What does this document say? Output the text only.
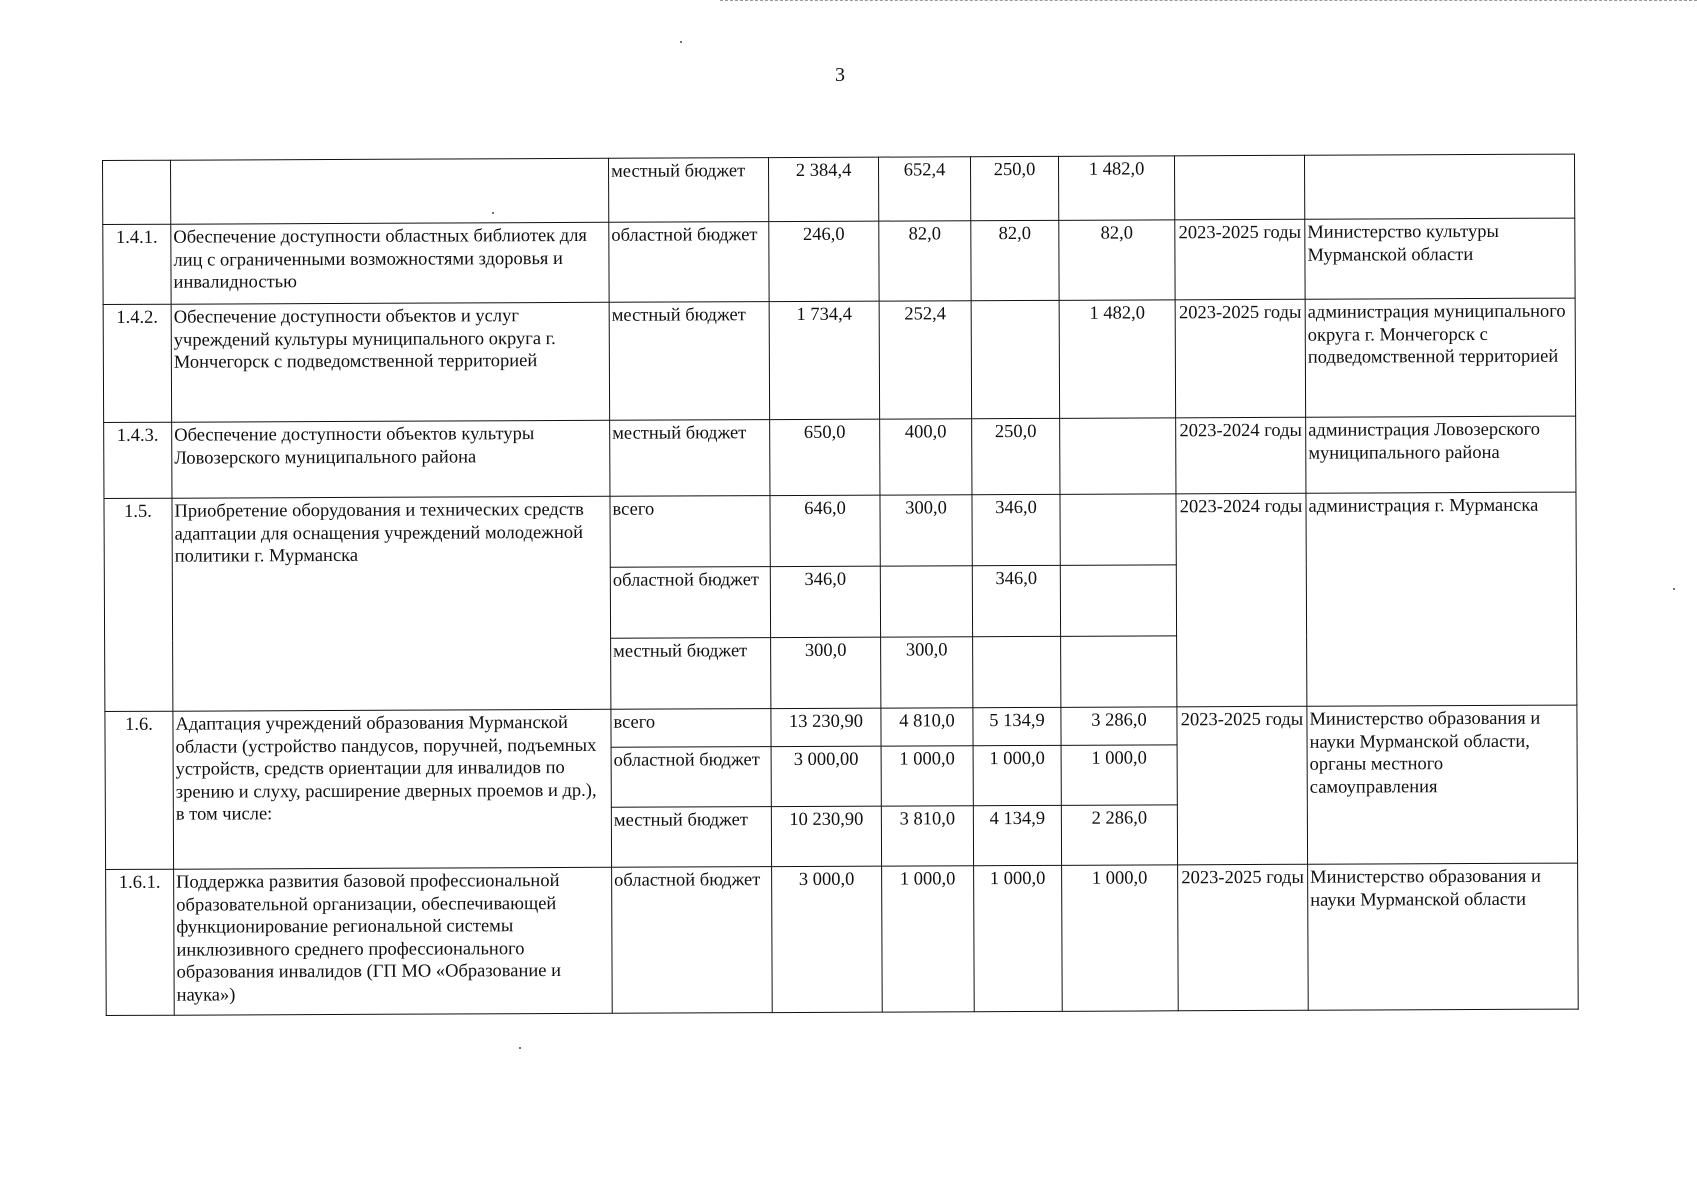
3
		местный бюджет	2 384,4	652,4	250,0	1 482,0		
1.4.1.	Обеспечение доступности областных библиотек для лиц с ограниченными возможностями здоровья и инвалидностью	областной бюджет	246,0	82,0	82,0	82,0	2023-2025 годы	Министерство культуры Мурманской области
1.4.2.	Обеспечение доступности объектов и услуг учреждений культуры муниципального округа г. Мончегорск с подведомственной территорией	местный бюджет	1 734,4	252,4		1 482,0	2023-2025 годы	администрация муниципального округа г. Мончегорск с подведомственной территорией
1.4.3.	Обеспечение доступности объектов культуры Ловозерского муниципального района	местный бюджет	650,0	400,0	250,0		2023-2024 годы	администрация Ловозерского муниципального района
1.5.	Приобретение оборудования и технических средств адаптации для оснащения учреждений молодежной политики г. Мурманска	всего	646,0	300,0	346,0		2023-2024 годы	администрация г. Мурманска
		областной бюджет	346,0		346,0			
		местный бюджет	300,0	300,0				
1.6.	Адаптация учреждений образования Мурманской области (устройство пандусов, поручней, подъемных устройств, средств ориентации для инвалидов по зрению и слуху, расширение дверных проемов и др.), в том числе:	всего	13 230,90	4 810,0	5 134,9	3 286,0	2023-2025 годы	Министерство образования и науки Мурманской области, органы местного самоуправления
		областной бюджет	3 000,00	1 000,0	1 000,0	1 000,0		
		местный бюджет	10 230,90	3 810,0	4 134,9	2 286,0		
1.6.1.	Поддержка развития базовой профессиональной образовательной организации, обеспечивающей функционирование региональной системы инклюзивного среднего профессионального образования инвалидов (ГП МО «Образование и наука»)	областной бюджет	3 000,0	1 000,0	1 000,0	1 000,0	2023-2025 годы	Министерство образования и науки Мурманской области
